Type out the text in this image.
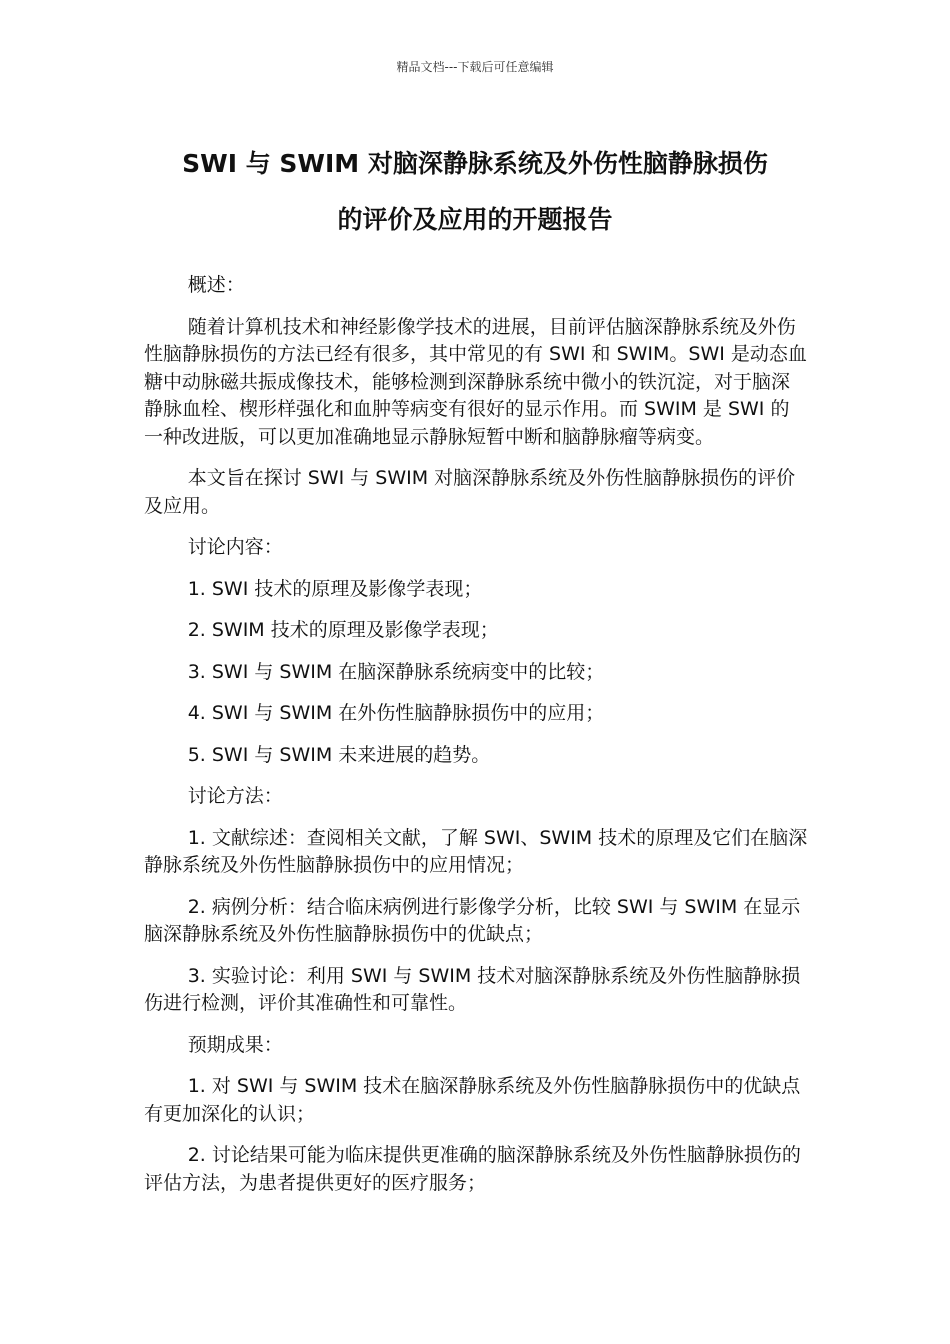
精品文档---下载后可任意编辑
SWI 与 SWIM 对脑深静脉系统及外伤性脑静脉损伤
的评价及应用的开题报告

概述：

随着计算机技术和神经影像学技术的进展，目前评估脑深静脉系统及外伤性脑静脉损伤的方法已经有很多，其中常见的有 SWI 和 SWIM。SWI 是动态血糖中动脉磁共振成像技术，能够检测到深静脉系统中微小的铁沉淀，对于脑深静脉血栓、楔形样强化和血肿等病变有很好的显示作用。而 SWIM 是 SWI 的一种改进版，可以更加准确地显示静脉短暂中断和脑静脉瘤等病变。

本文旨在探讨 SWI 与 SWIM 对脑深静脉系统及外伤性脑静脉损伤的评价及应用。

讨论内容：

1. SWI 技术的原理及影像学表现；

2. SWIM 技术的原理及影像学表现；

3. SWI 与 SWIM 在脑深静脉系统病变中的比较；

4. SWI 与 SWIM 在外伤性脑静脉损伤中的应用；

5. SWI 与 SWIM 未来进展的趋势。

讨论方法：

1. 文献综述：查阅相关文献，了解 SWI、SWIM 技术的原理及它们在脑深静脉系统及外伤性脑静脉损伤中的应用情况；

2. 病例分析：结合临床病例进行影像学分析，比较 SWI 与 SWIM 在显示脑深静脉系统及外伤性脑静脉损伤中的优缺点；

3. 实验讨论：利用 SWI 与 SWIM 技术对脑深静脉系统及外伤性脑静脉损伤进行检测，评价其准确性和可靠性。

预期成果：

1. 对 SWI 与 SWIM 技术在脑深静脉系统及外伤性脑静脉损伤中的优缺点有更加深化的认识；

2. 讨论结果可能为临床提供更准确的脑深静脉系统及外伤性脑静脉损伤的评估方法，为患者提供更好的医疗服务；
